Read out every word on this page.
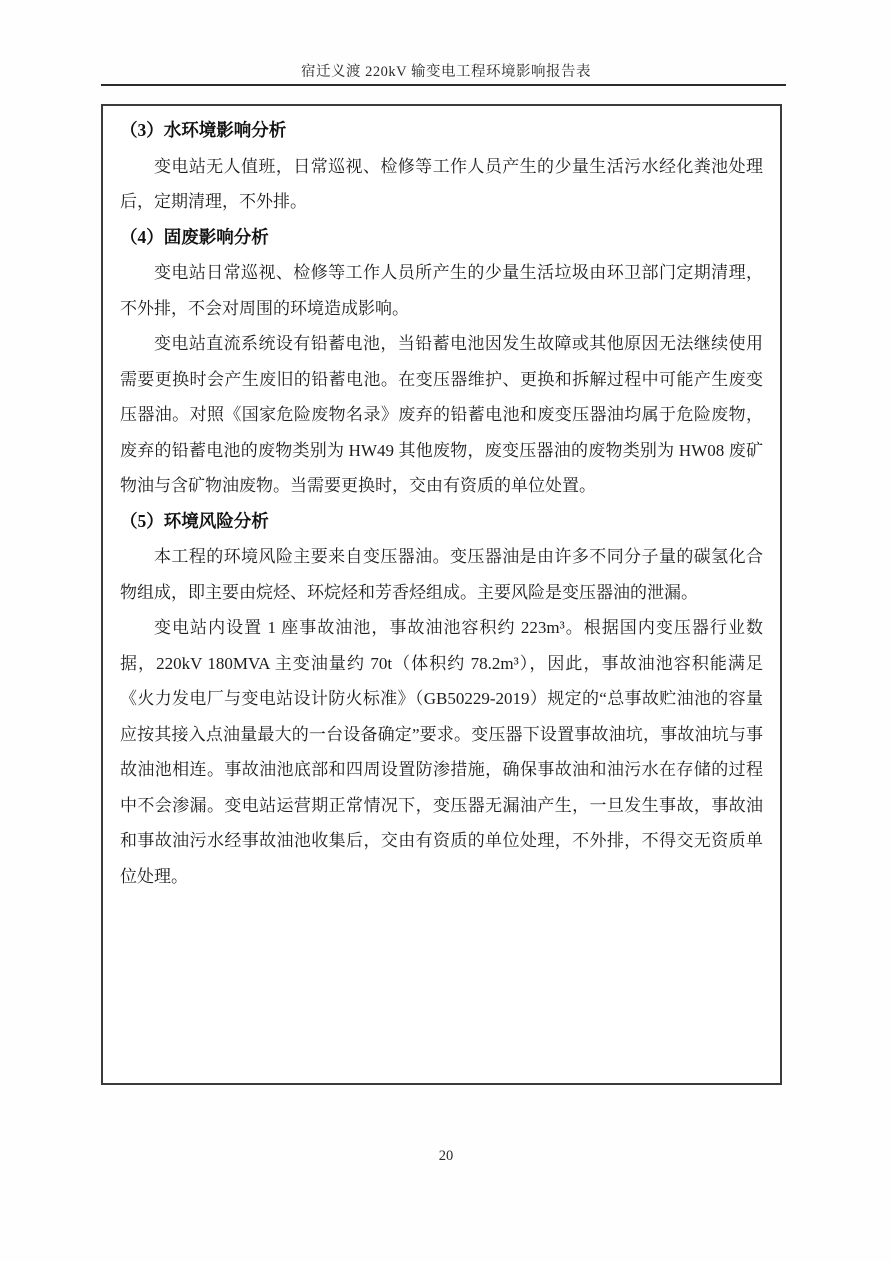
宿迁义渡 220kV 输变电工程环境影响报告表
（3）水环境影响分析
变电站无人值班，日常巡视、检修等工作人员产生的少量生活污水经化粪池处理后，定期清理，不外排。
（4）固废影响分析
变电站日常巡视、检修等工作人员所产生的少量生活垃圾由环卫部门定期清理，不外排，不会对周围的环境造成影响。
变电站直流系统设有铅蓄电池，当铅蓄电池因发生故障或其他原因无法继续使用需要更换时会产生废旧的铅蓄电池。在变压器维护、更换和拆解过程中可能产生废变压器油。对照《国家危险废物名录》废弃的铅蓄电池和废变压器油均属于危险废物，废弃的铅蓄电池的废物类别为 HW49 其他废物，废变压器油的废物类别为 HW08 废矿物油与含矿物油废物。当需要更换时，交由有资质的单位处置。
（5）环境风险分析
本工程的环境风险主要来自变压器油。变压器油是由许多不同分子量的碳氢化合物组成，即主要由烷烃、环烷烃和芳香烃组成。主要风险是变压器油的泄漏。
变电站内设置 1 座事故油池，事故油池容积约 223m³。根据国内变压器行业数据，220kV 180MVA 主变油量约 70t（体积约 78.2m³），因此，事故油池容积能满足《火力发电厂与变电站设计防火标准》（GB50229-2019）规定的“总事故贮油池的容量应按其接入点油量最大的一台设备确定”要求。变压器下设置事故油坑，事故油坑与事故油池相连。事故油池底部和四周设置防渗措施，确保事故油和油污水在存储的过程中不会渗漏。变电站运营期正常情况下，变压器无漏油产生，一旦发生事故，事故油和事故油污水经事故油池收集后，交由有资质的单位处理，不外排，不得交无资质单位处理。
20
